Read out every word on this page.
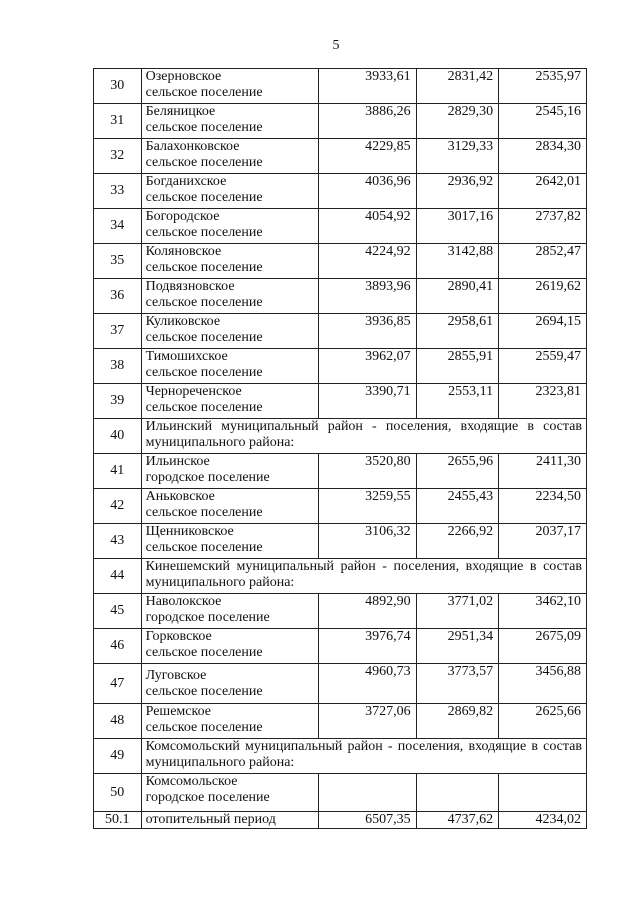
5
30	Озерновское
сельское поселение	3933,61	2831,42	2535,97
31	Беляницкое
сельское поселение	3886,26	2829,30	2545,16
32	Балахонковское
сельское поселение	4229,85	3129,33	2834,30
33	Богданихское
сельское поселение	4036,96	2936,92	2642,01
34	Богородское
сельское поселение	4054,92	3017,16	2737,82
35	Коляновское
сельское поселение	4224,92	3142,88	2852,47
36	Подвязновское
сельское поселение	3893,96	2890,41	2619,62
37	Куликовское
сельское поселение	3936,85	2958,61	2694,15
38	Тимошихское
сельское поселение	3962,07	2855,91	2559,47
39	Чернореченское
сельское поселение	3390,71	2553,11	2323,81
40	Ильинский муниципальный район - поселения, входящие в состав муниципального района:			
41	Ильинское
городское поселение	3520,80	2655,96	2411,30
42	Аньковское
сельское поселение	3259,55	2455,43	2234,50
43	Щенниковское
сельское поселение	3106,32	2266,92	2037,17
44	Кинешемский муниципальный район - поселения, входящие в состав муниципального района:			
45	Наволокское
городское поселение	4892,90	3771,02	3462,10
46	Горковское
сельское поселение	3976,74	2951,34	2675,09
47	Луговское
сельское поселение	4960,73	3773,57	3456,88
48	Решемское
сельское поселение	3727,06	2869,82	2625,66
49	Комсомольский муниципальный район - поселения, входящие в состав муниципального района:			
50	Комсомольское
городское поселение			

50.1	отопительный период	6507,35	4737,62	4234,02
